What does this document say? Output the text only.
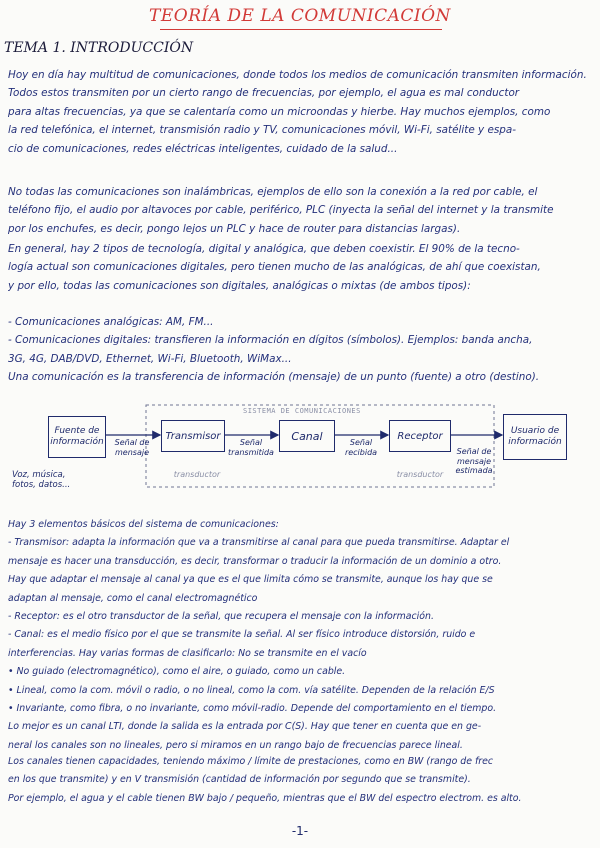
TEORÍA DE LA COMUNICACIÓN
TEMA 1. INTRODUCCIÓN
Hoy en día hay multitud de comunicaciones, donde todos los medios de comunicación transmiten información.
Todos estos transmiten por un cierto rango de frecuencias, por ejemplo, el agua es mal conductor
para altas frecuencias, ya que se calentaría como un microondas y hierbe. Hay muchos ejemplos, como
la red telefónica, el internet, transmisión radio y TV, comunicaciones móvil, Wi-Fi, satélite y espa-
cio de comunicaciones, redes eléctricas inteligentes, cuidado de la salud...
No todas las comunicaciones son inalámbricas, ejemplos de ello son la conexión a la red por cable, el
teléfono fijo, el audio por altavoces por cable, periférico, PLC (inyecta la señal del internet y la transmite
por los enchufes, es decir, pongo lejos un PLC y hace de router para distancias largas).
En general, hay 2 tipos de tecnología, digital y analógica, que deben coexistir. El 90% de la tecno-
logía actual son comunicaciones digitales, pero tienen mucho de las analógicas, de ahí que coexistan,
y por ello, todas las comunicaciones son digitales, analógicas o mixtas (de ambos tipos):
- Comunicaciones analógicas: AM, FM...
- Comunicaciones digitales: transfieren la información en dígitos (símbolos). Ejemplos: banda ancha,
3G, 4G, DAB/DVD, Ethernet, Wi-Fi, Bluetooth, WiMax...
Una comunicación es la transferencia de información (mensaje) de un punto (fuente) a otro (destino).
SISTEMA DE COMUNICACIONES
Fuente de información
Transmisor	Canal	Receptor	Usuario de información
Señal de mensaje
Señal transmitida
Señal recibida	Señal de mensaje estimada
Voz, música, fotos, datos...
transductor	transductor
Hay 3 elementos básicos del sistema de comunicaciones:
- Transmisor: adapta la información que va a transmitirse al canal para que pueda transmitirse. Adaptar el
mensaje es hacer una transducción, es decir, transformar o traducir la información de un dominio a otro.
Hay que adaptar el mensaje al canal ya que es el que limita cómo se transmite, aunque los hay que se
adaptan al mensaje, como el canal electromagnético
- Receptor: es el otro transductor de la señal, que recupera el mensaje con la información.
- Canal: es el medio físico por el que se transmite la señal. Al ser físico introduce distorsión, ruido e
interferencias. Hay varias formas de clasificarlo: No se transmite en el vacío
• No guiado (electromagnético), como el aire, o guiado, como un cable.
• Lineal, como la com. móvil o radio, o no lineal, como la com. vía satélite. Dependen de la relación E/S
• Invariante, como fibra, o no invariante, como móvil-radio. Depende del comportamiento en el tiempo.
Lo mejor es un canal LTI, donde la salida es la entrada por C(S). Hay que tener en cuenta que en ge-
neral los canales son no lineales, pero si miramos en un rango bajo de frecuencias parece lineal.
Los canales tienen capacidades, teniendo máximo / límite de prestaciones, como en BW (rango de frec
en los que transmite) y en V transmisión (cantidad de información por segundo que se transmite).
Por ejemplo, el agua y el cable tienen BW bajo / pequeño, mientras que el BW del espectro electrom. es alto.
-1-
